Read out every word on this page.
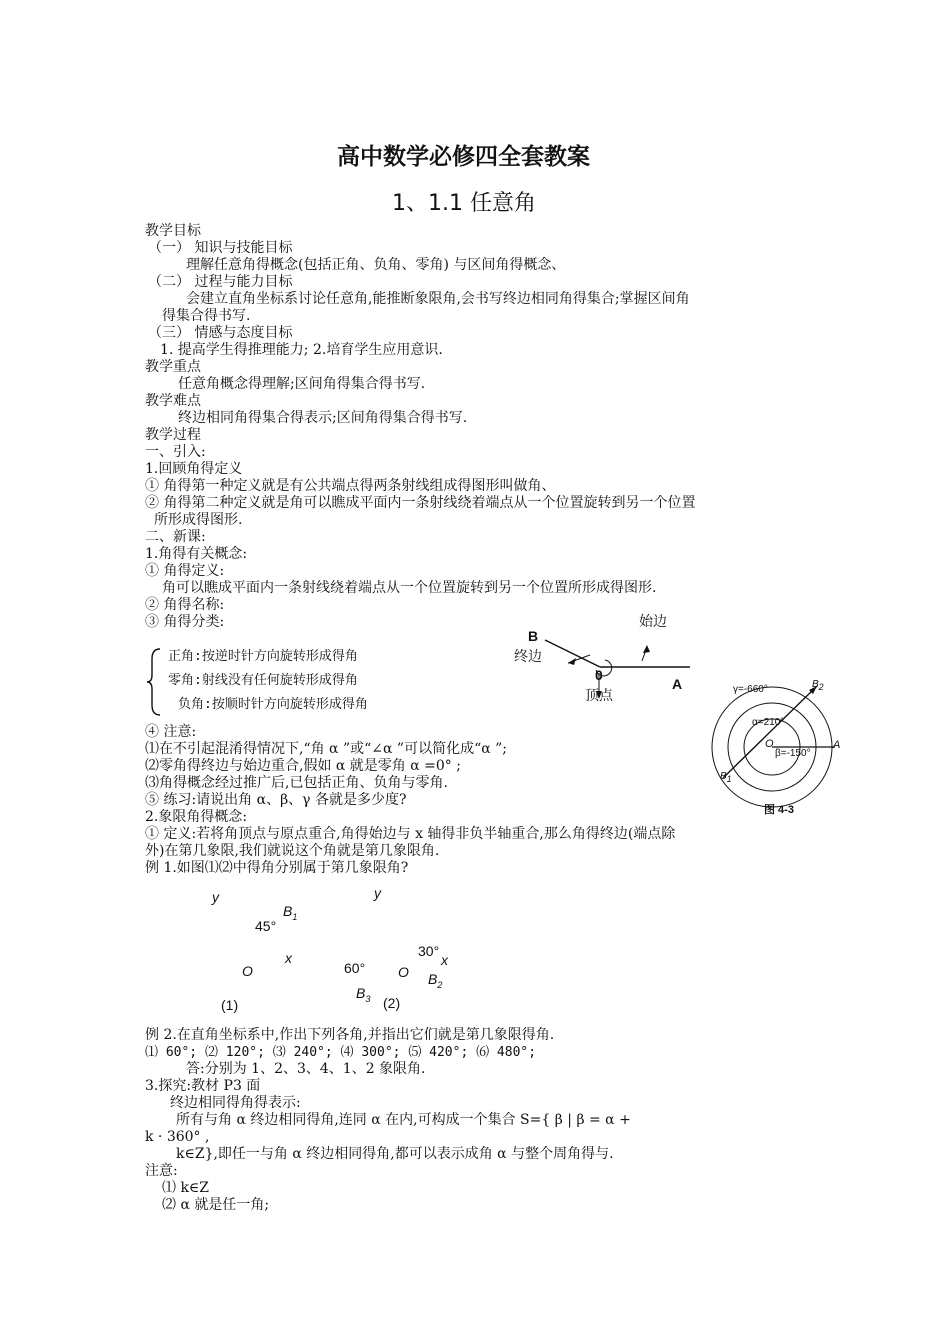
高中数学必修四全套教案
1、1.1 任意角
教学目标
（一） 知识与技能目标
理解任意角得概念(包括正角、负角、零角) 与区间角得概念、
（二） 过程与能力目标
会建立直角坐标系讨论任意角,能推断象限角,会书写终边相同角得集合;掌握区间角
得集合得书写.
（三） 情感与态度目标
1. 提高学生得推理能力; 2.培育学生应用意识.
教学重点
任意角概念得理解;区间角得集合得书写.
教学难点
终边相同角得集合得表示;区间角得集合得书写.
教学过程
一、引入:
1.回顾角得定义
① 角得第一种定义就是有公共端点得两条射线组成得图形叫做角、
② 角得第二种定义就是角可以瞧成平面内一条射线绕着端点从一个位置旋转到另一个位置
所形成得图形.
二、新课:
1.角得有关概念:
① 角得定义:
角可以瞧成平面内一条射线绕着端点从一个位置旋转到另一个位置所形成得图形.
② 角得名称:
③ 角得分类:
正角:按逆时针方向旋转形成得角
零角:射线没有任何旋转形成得角
负角:按顺时针方向旋转形成得角
B
终边
始边
0
顶点
A	γ=-660°	$B_2$
α=210°
O
β=-150°
A
$B_1$
图 4-3
④ 注意:
⑴在不引起混淆得情况下,“角 α ”或“∠α ”可以简化成“α ”;
⑵零角得终边与始边重合,假如 α 就是零角 α =0° ;
⑶角得概念经过推广后,已包括正角、负角与零角.
⑤ 练习:请说出角 α、β、γ 各就是多少度?
2.象限角得概念:
① 定义:若将角顶点与原点重合,角得始边与 x 轴得非负半轴重合,那么角得终边(端点除
外)在第几象限,我们就说这个角就是第几象限角.
例 1.如图⑴⑵中得角分别属于第几象限角?
y	y
$B_1$
45°
x
O	60° O
30°
x
$B_2$
$B_3$
(1)	(2)
例 2.在直角坐标系中,作出下列各角,并指出它们就是第几象限得角.
⑴ 60°; ⑵ 120°; ⑶ 240°; ⑷ 300°; ⑸ 420°; ⑹ 480°;
答:分别为 1、2、3、4、1、2 象限角.
3.探究:教材 P3 面
终边相同得角得表示:
所有与角 α 终边相同得角,连同 α 在内,可构成一个集合 S={ β | β = α +
k · 360° ,
k∈Z},即任一与角 α 终边相同得角,都可以表示成角 α 与整个周角得与.
注意:
⑴ k∈Z
⑵ α 就是任一角;
